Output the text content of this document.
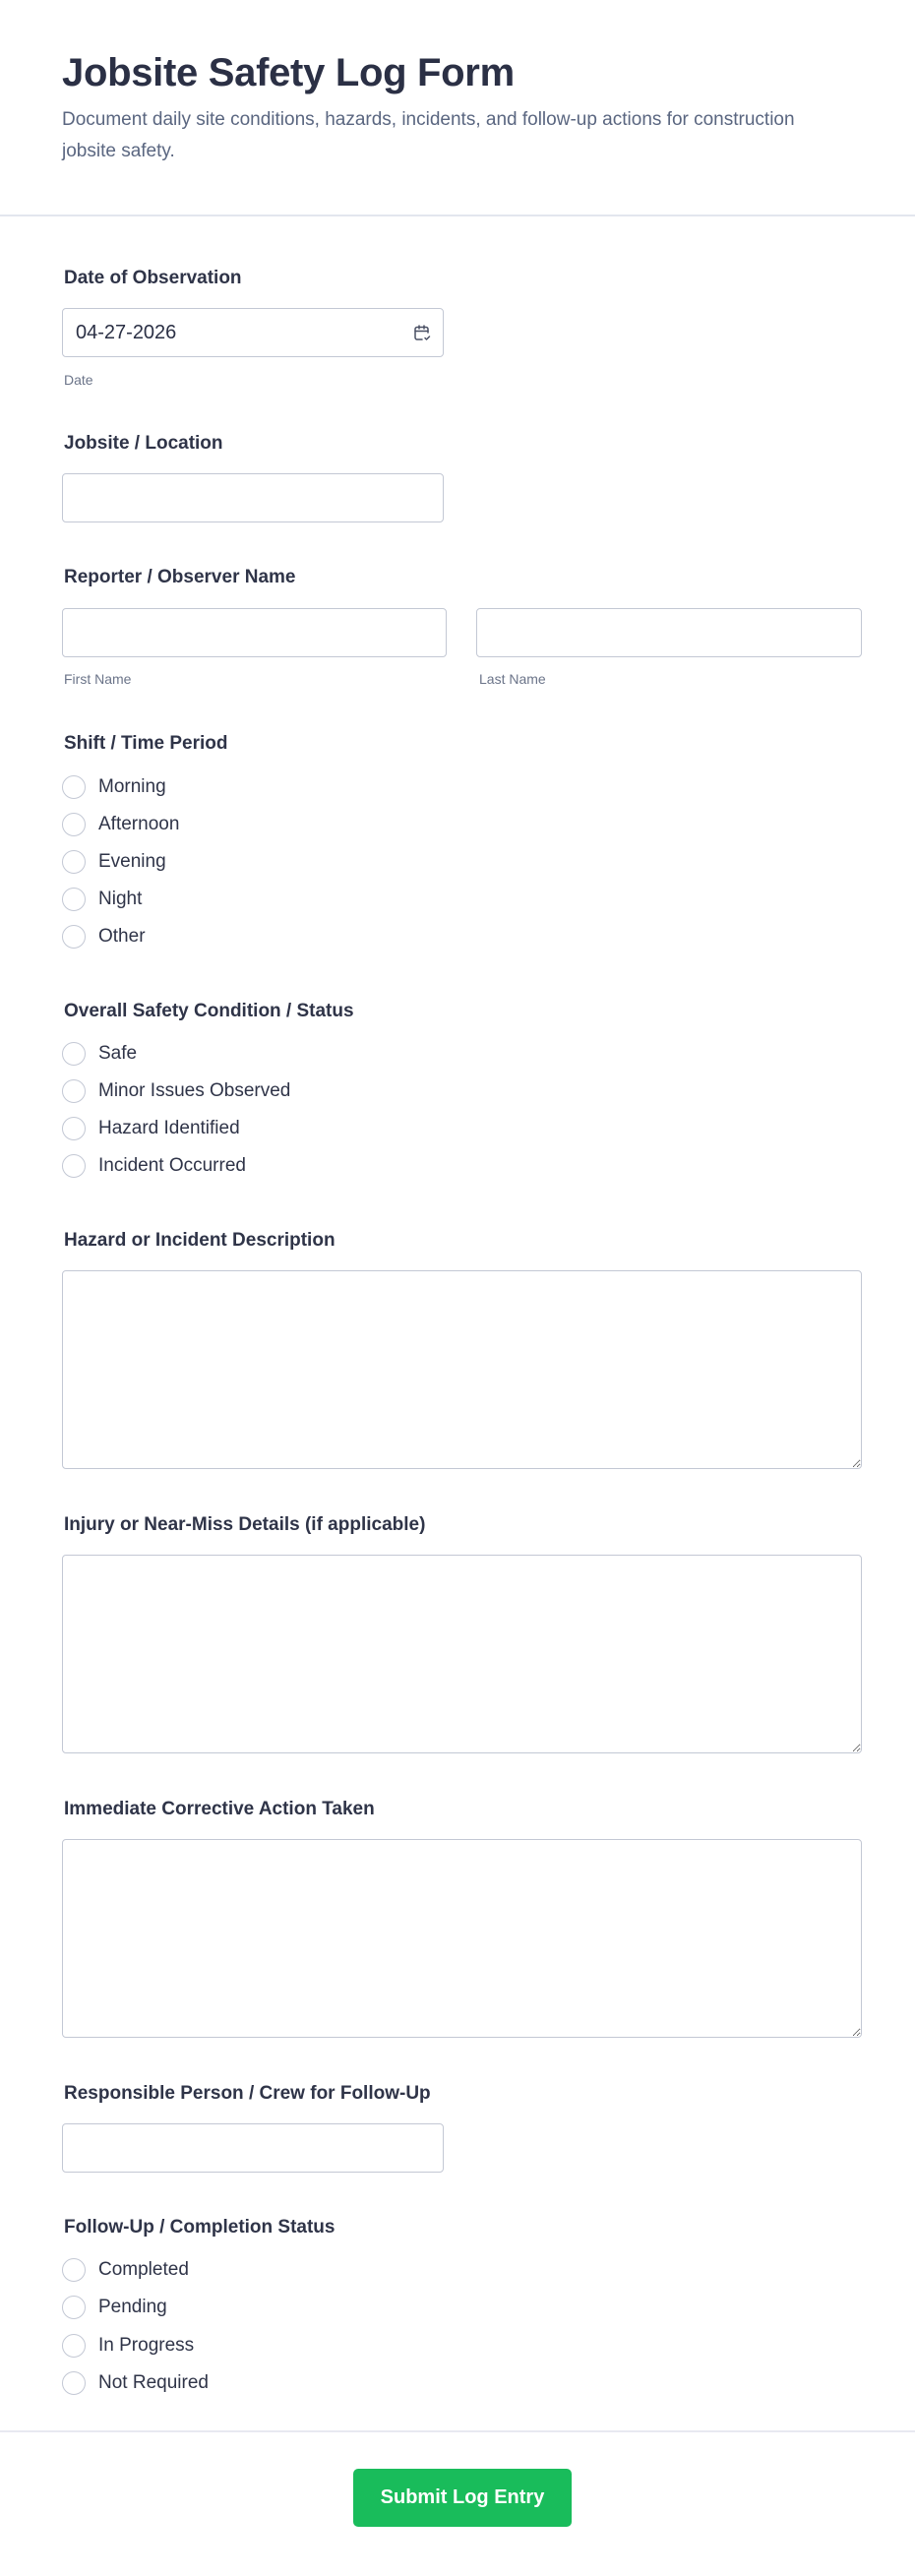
Jobsite Safety Log Form

Document daily site conditions, hazards, incidents, and follow-up actions for construction jobsite safety.

Date of Observation
04-27-2026
Date
Jobsite / Location
Reporter / Observer Name
First Name	Last Name
Shift / Time Period
Morning
Afternoon
Evening
Night
Other
Overall Safety Condition / Status
Safe
Minor Issues Observed
Hazard Identified
Incident Occurred
Hazard or Incident Description
Injury or Near-Miss Details (if applicable)
Immediate Corrective Action Taken
Responsible Person / Crew for Follow-Up
Follow-Up / Completion Status
Completed
Pending
In Progress
Not Required
Submit Log Entry
